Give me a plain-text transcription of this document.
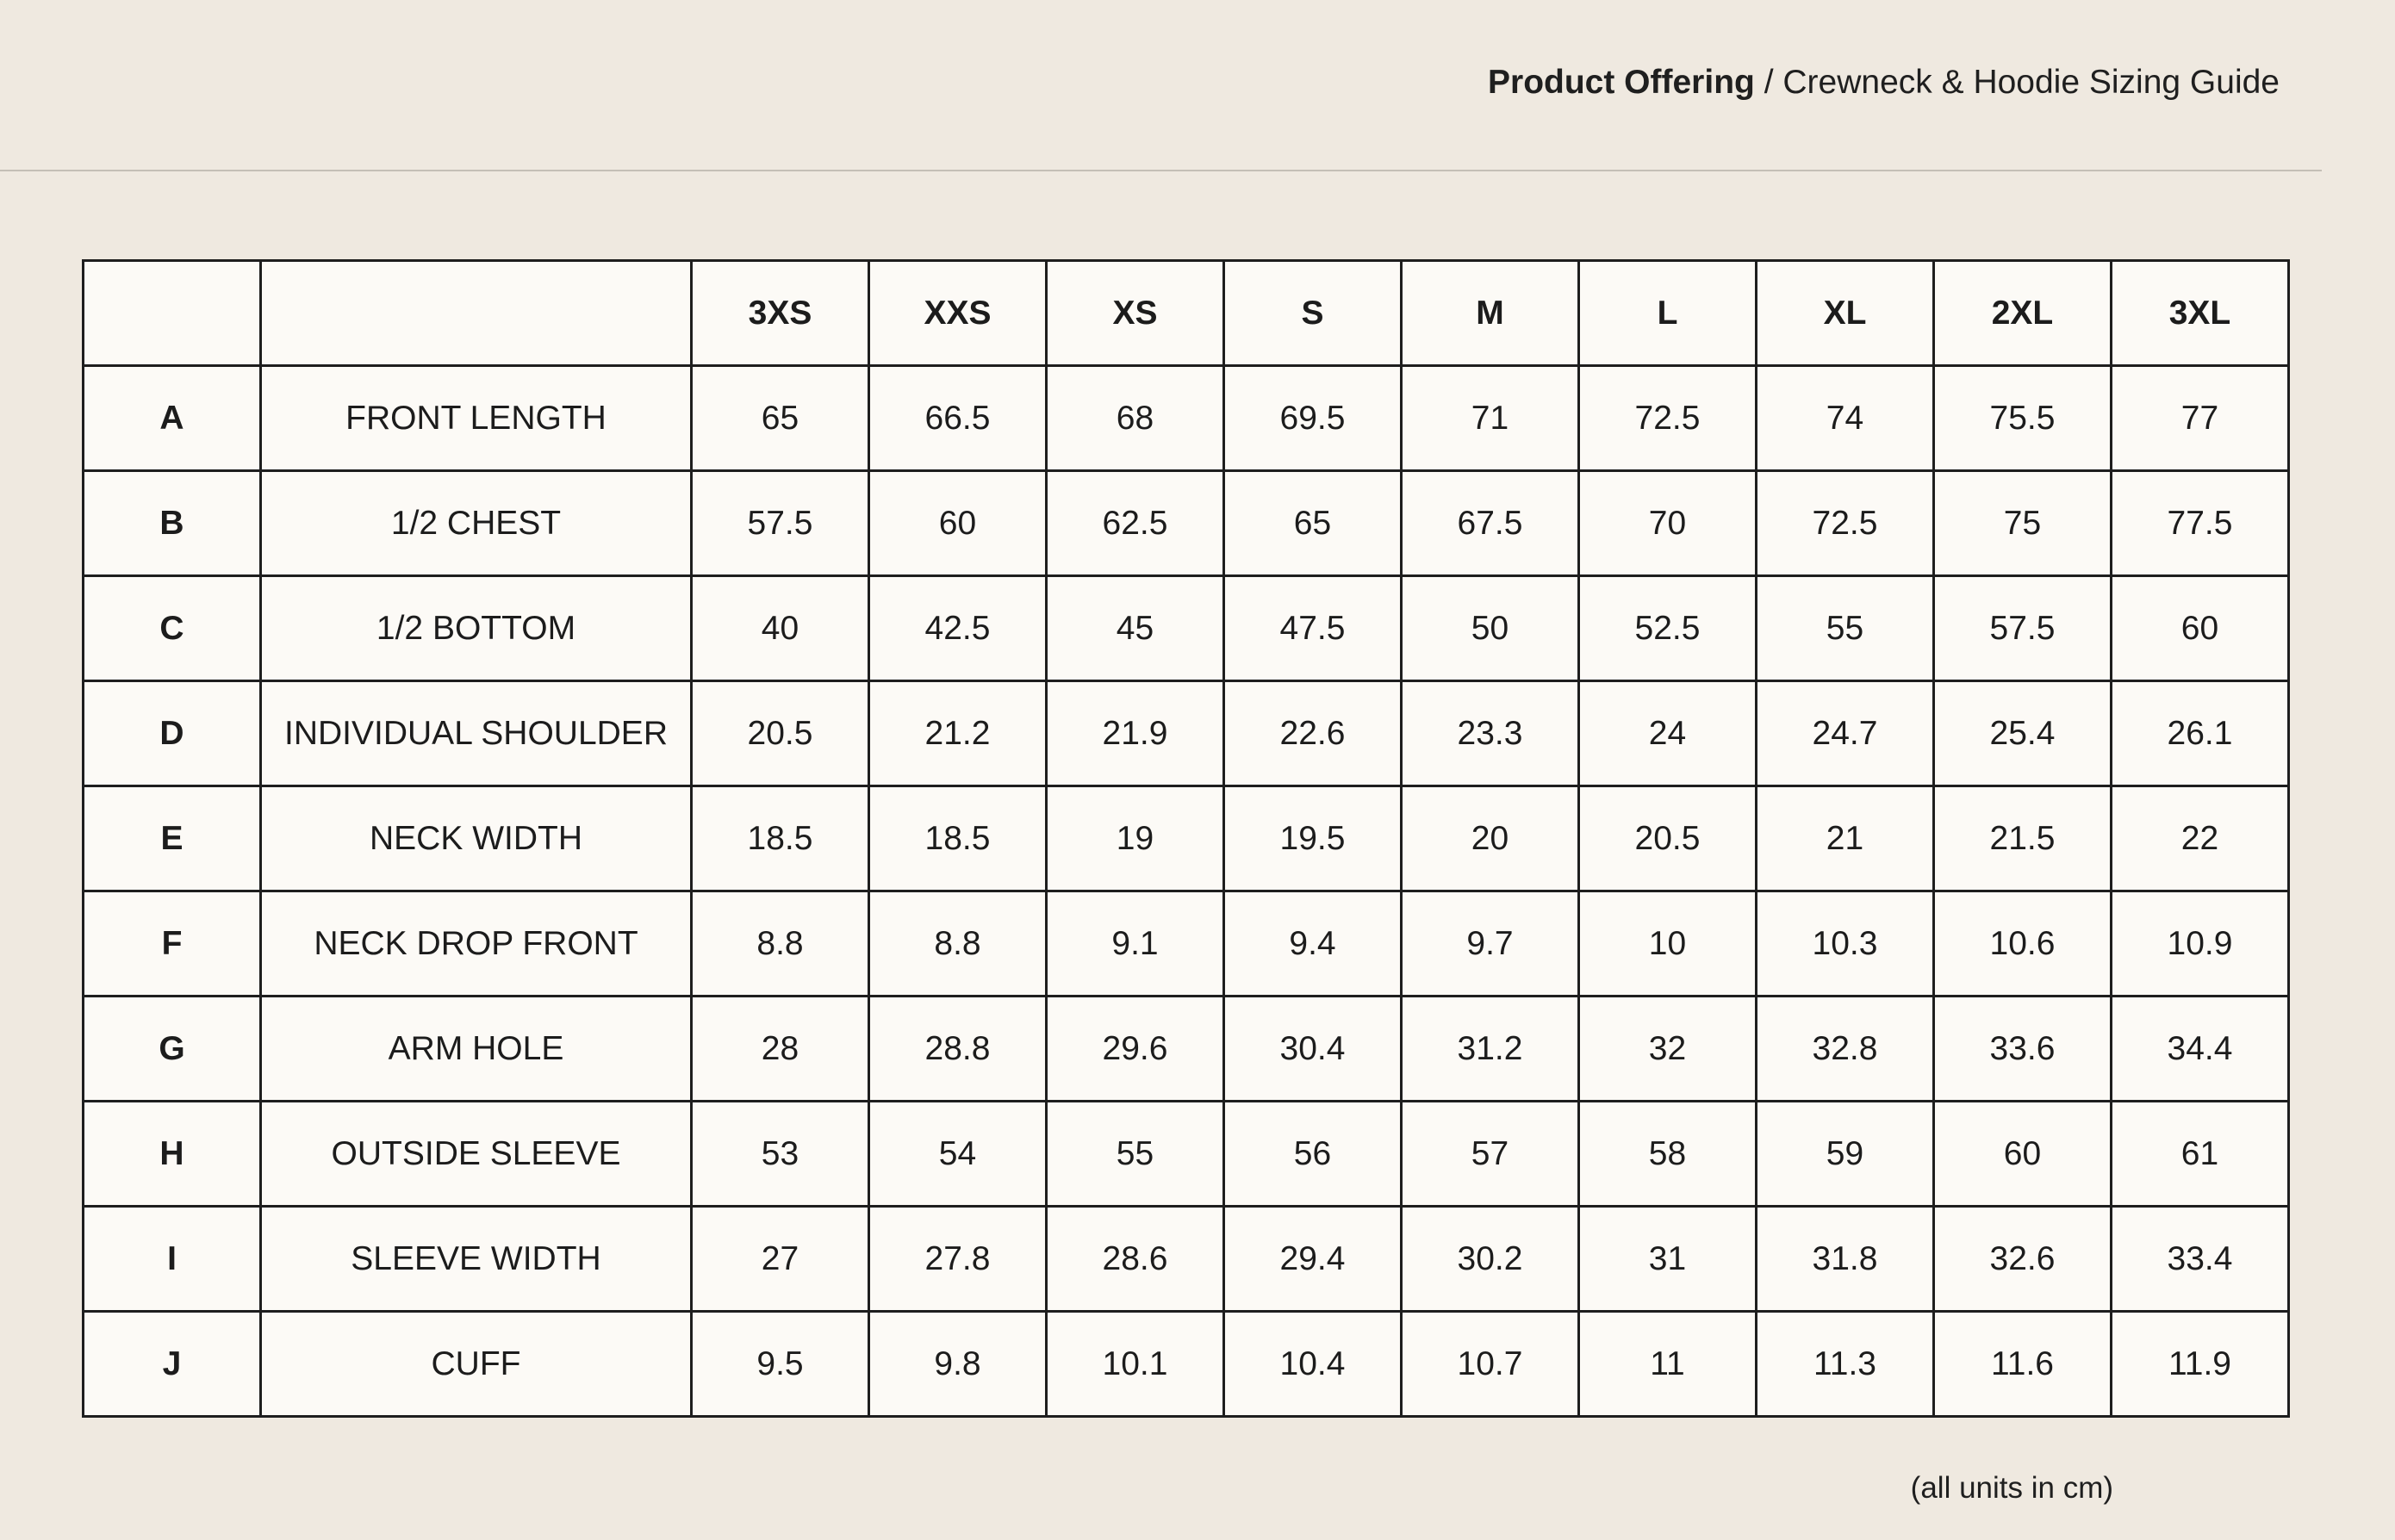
Product Offering / Crewneck & Hoodie Sizing Guide
		3XS	XXS	XS	S	M	L	XL	2XL	3XL
A	FRONT LENGTH	65	66.5	68	69.5	71	72.5	74	75.5	77
B	1/2 CHEST	57.5	60	62.5	65	67.5	70	72.5	75	77.5
C	1/2 BOTTOM	40	42.5	45	47.5	50	52.5	55	57.5	60
D	INDIVIDUAL SHOULDER	20.5	21.2	21.9	22.6	23.3	24	24.7	25.4	26.1
E	NECK WIDTH	18.5	18.5	19	19.5	20	20.5	21	21.5	22
F	NECK DROP FRONT	8.8	8.8	9.1	9.4	9.7	10	10.3	10.6	10.9
G	ARM HOLE	28	28.8	29.6	30.4	31.2	32	32.8	33.6	34.4
H	OUTSIDE SLEEVE	53	54	55	56	57	58	59	60	61
I	SLEEVE WIDTH	27	27.8	28.6	29.4	30.2	31	31.8	32.6	33.4
J	CUFF	9.5	9.8	10.1	10.4	10.7	11	11.3	11.6	11.9
(all units in cm)
